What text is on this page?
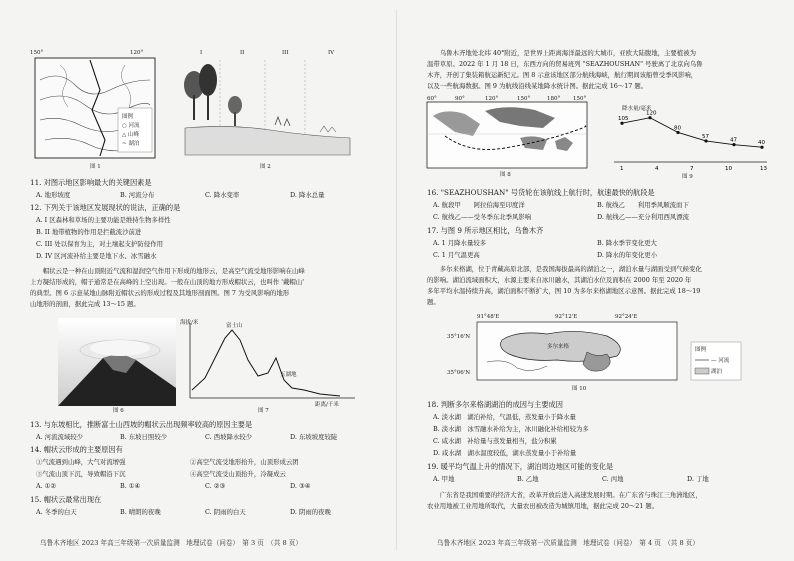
150°	120°
图例
○ 河流
△ 山峰
~ 湖泊
图 1
I	II	III	IV
图 2
11. 对图示地区影响最大的关键因素是
A. 地形坡度	B. 河流分布	C. 降水变率	D. 降水总量
12. 下列关于该地区发展现状的说法，正确的是
A. I 区森林和草场的主要功能是维持生物多样性
B. II 地带植物的作用是拦截流沙前进
C. III 处以保育为主，对土壤起支护防侵作用
D. IV 区河流补给主要是地下水、冰雪融水
　　帽状云是一种在山顶附近气流和湿润空气作用下形成的地形云，是高空气流受地形影响在山峰
上方凝结形成的，帽子通常是在高峰的上空出现。一般在山顶的地方形成帽状云，也叫作 '戴帽山'
的典型。图 6 示意某地山脉附近帽状云的形成过程及其地形剖面图。图 7 为受风影响的地形
山地形的剖面，据此完成 13～15 题。
图 6
海拔/米	富士山
五湖地
距离/千米
图 7
13. 与东坡相比，推断富士山西坡的帽状云出现频率较高的原因主要是
A. 河流流域较少	B. 东坡日照较少	C. 西坡降水较少	D. 东坡坡度较陡
14. 帽状云形成的主要原因有
①气流遇到山峰，大气对流增强	②高空气流受地形抬升，山顶形成云团
③气流山顶下沉，导致帽沿下沉	④高空气流受山顶抬升，冷凝成云
A. ①②	B. ①④	C. ②③	D. ③④
15. 帽状云最常出现在
A. 冬季的白天	B. 晴朗的夜晚	C. 阴雨的白天	D. 阴雨的夜晚
乌鲁木齐地区 2023 年高三年级第一次质量监测　地理试卷（问卷）　第 3 页　（共 8 页）
　　乌鲁木齐地处北纬 40°附近，是世界上距离海洋最远的大城市，亚欧大陆腹地，主要植被为
温带草原。2022 年 1 月 18 日，东西方向的贸易班列 "SEAZHOUSHAN" 号驶离了北京向乌鲁
木齐，开创了集装箱航运新纪元。图 8 示意该地区部分航线海峡，航行期间该船曾受季风影响，
以及一些航海数据。图 9 为航线沿线某地降水统计图。据此完成 16～17 题。
60°	90°	120°	150°	180° 150°
图 8
105
120
80
57
47	40
1	4	7	10	13
降水量/毫米
图 9
16. "SEAZHOUSHAN" 号货轮在该航线上航行时，航速最快的航段是
A. 航段甲　　阿拉伯海至印度洋	B. 航线乙　　利用季风顺流而下
C. 航线乙——受冬季东北季风影响	D. 航线乙——充分利用西风漂流
17. 与图 9 所示地区相比，乌鲁木齐
A. 1 月降水量较多	B. 降水季节变化更大
C. 1 月气温更高	D. 降水的年变化更小
　　多尔来格湖，位于青藏高原北部，是我国海拔最高的湖泊之一，湖泊水量与湖面受到气候变化
的影响。湖泊流域面积大，水源主要来自冰川融水，其湖泊水位及面积在 2000 年至 2020 年
多年平均水温持续升高，湖泊面积不断扩大，图 10 为多尔来格湖地区示意图。据此完成 18～19
题。
91°48'E	92°12'E	92°24'E
35°16'N
35°06'N
多尔来格	图例
— 河流
湖泊
图 10
18. 判断多尔来格湖湖泊的成因与主要成因
A. 淡水湖　湖泊补给，气温低，蒸发量小于降水量
B. 淡水湖　冰雪融水补给为主，冰川融化补给相较为多
C. 咸水湖　补给量与蒸发量相当，盐分积累
D. 咸水湖　湖水温度较低，湖水蒸发量小于补给量
19. 暖平均气温上升的情况下，湖泊周边地区可能的变化是
A. 甲地	B. 乙地	C. 丙地	D. 丁地
　　广东省是我国重要的经济大省，改革开放后进入高速发展时期。在广东省与珠江三角洲地区，
农业用地被工业用地所取代，大量农田被改造为城镇用地，据此完成 20～21 题。
乌鲁木齐地区 2023 年高三年级第一次质量监测　地理试卷（问卷）　第 4 页　（共 8 页）
